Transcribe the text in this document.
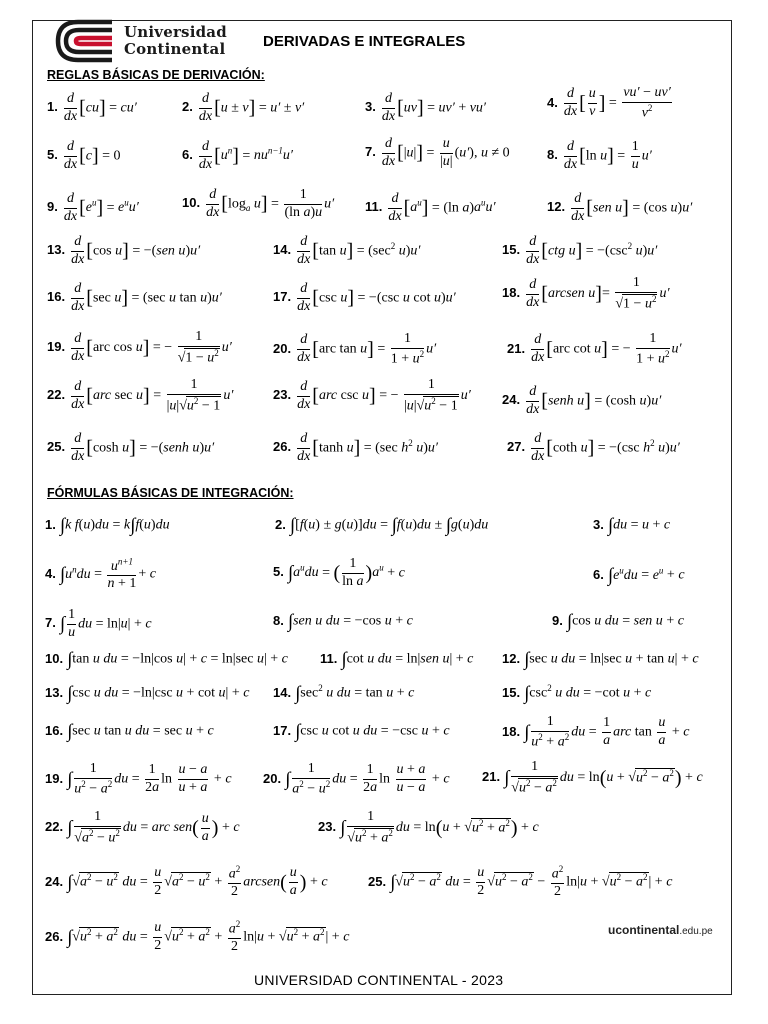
Universidad
Continental	DERIVADAS E INTEGRALES
REGLAS BÁSICAS DE DERIVACIÓN:
1. $\frac{d}{dx} [cu] = cu'$	2. $\frac{d}{dx} [u \pm v] = u' \pm v'$	3. $\frac{d}{dx} [uv] = uv' + vu'$	4. $\frac{d}{dx}$ [ $\frac{u}{v}$ ] = $\frac{vu' - uv'}{v^2}$
5. $\frac{d}{dx} [c] = 0$	6. $\frac{d}{dx} [u^n] = nu^{n-1}u'$	7. $\frac{d}{dx} [|u|] = \frac{u}{|u|} (u')$, u ≠ 0	8. $\frac{d}{dx} [\ln$ $u] = \frac{1}{u} u'$
9. $\frac{d}{dx} [e^u] = e^uu'$	10. $\frac{d}{dx} [\log_a$ $u] = \frac{1}{\text{(ln a)u}} u'$ 11. $\frac{d}{dx} [a^u] = (\ln$ $a)a^uu'$	12. $\frac{d}{dx} [sen$ u] = (cos u)u′
13. $\frac{d}{dx} [\cos$ u] = −(sen u)u′	14. $\frac{d}{dx} [\tan$ $u] = (\sec^2$ u)u′	15. $\frac{d}{dx} [ctg$ $u] = -(\csc^2$ u)u′
16. $\frac{d}{dx} [\sec$ u] = (sec u tan u)u′	17. $\frac{d}{dx} [\csc$ u] = −(csc u cot u)u′	18. $\frac{d}{dx}$ [arcsen $u]= \frac{1}{√1 - u^2} u'$
19. $\frac{d}{dx} [arc$ cos u] = − $\frac{1}{√1 - u^2} u'$	20. $\frac{d}{dx} [arc$ $\tan u] = \frac{1}{1 + u^2} u'$	21. $\frac{d}{dx} [arc$ cot u] = − $\frac{1}{1 + u^2} u'$
22. $\frac{d}{dx} [arc$ $\sec u] = \frac{1}{|u|√u^2 - 1} u'$	23. $\frac{d}{dx} [arc$ csc u] = − $\frac{1}{|u|√u^2 - 1} u'$ 24. $\frac{d}{dx}$ [senh u] = (cosh u)u′
25. $\frac{d}{dx} [\cosh$ u] = −(senh u)u′	26. $\frac{d}{dx} [\tanh$ u] = (sec $h^2$ u)u′	27. $\frac{d}{dx} [\cot h$ u] = −(csc $h^2$ u)u′
FÓRMULAS BÁSICAS DE INTEGRACIÓN:
1. ∫k f(u)du = k∫f(u)du	2. ∫[f(u) ± g(u)]du = ∫f(u)du ± ∫g(u)du	3. ∫du = u + c
4. $\int u^ndu = \frac{u^{n+1}}{n + 1} + c$	5. $\int a^udu$ = ( $\frac{1}{\text{ln a}} )a^u + c$	6. $\int e^udu = e^u + c$
7. ∫ $\frac{1}{u}$ du = ln|u| + c	8. ∫sen u du = −cos u + c	9. ∫cos u du = sen u + c
10. ∫tan u du = −ln|cos u| + c = ln|sec u| + c 11. ∫cot u du = ln|sen u| + c 12. ∫sec u du = ln|sec u + tan u| + c
13. ∫csc u du = −ln|csc u + cot u| + c 14. $\int\sec^2$ u du = tan u + c	15. $\int\csc^2$ u du = −cot u + c
16. ∫sec u tan u du = sec u + c	17. ∫csc u cot u du = −csc u + c	18. ∫ $\frac{1}{u^2 + a^2}$ du = $\frac{1}{a}$ arc $\tan \frac{u}{a} + c$
19. ∫ $\frac{1}{u^2 - a^2}$ du = $\frac{1}{2a}$ $\ln \frac{u - a}{u + a} + c$ 20. ∫ $\frac{1}{a^2 - u^2}$ du = $\frac{1}{2a}$ $\ln \frac{u + a}{u - a} + c$ 21. ∫ $\frac{1}{√u^2 - a^2}$ du = $\ln(u + √u^2 - a^2) + c$
22. ∫ $\frac{1}{√a^2 - u^2}$ du = arc $sen( \frac{u}{a}$ ) + c	23. ∫ $\frac{1}{√u^2 + a^2}$ du = $\ln(u + √u^2 + a^2) + c$
24. $\int√a^2 - u^2$ du = $\frac{u}{2} √a^2 - u^2 + \frac{a^2}{2}$ arcsen( $\frac{u}{a}$ ) + c	25. $\int√u^2 - a^2$ du = $\frac{u}{2} √u^2 - a^2 - \frac{a^2}{2} \ln|u + √u^2 - a^2| + c$
26. $\int√u^2 + a^2$ du = $\frac{u}{2} √u^2 + a^2 + \frac{a^2}{2} \ln|u + √u^2 + a^2| + c$	ucontinental.edu.pe
UNIVERSIDAD CONTINENTAL - 2023
